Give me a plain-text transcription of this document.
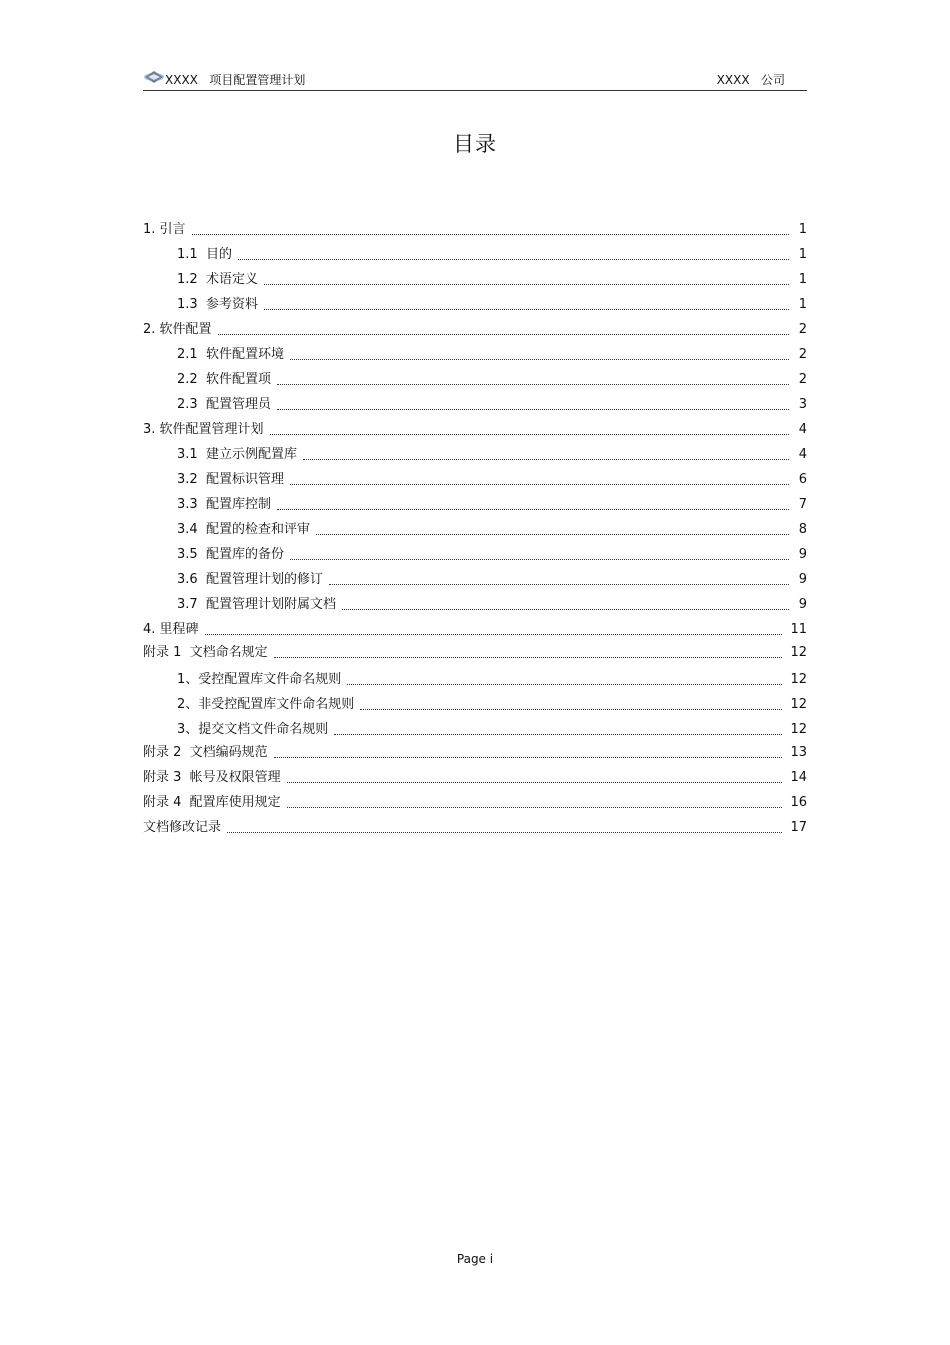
XXXX   项目配置管理计划	XXXX   公司
目录
1. 引言	1
1.1  目的	1
1.2  术语定义	1
1.3  参考资料	1
2. 软件配置	2
2.1  软件配置环境	2
2.2  软件配置项	2
2.3  配置管理员	3
3. 软件配置管理计划	4
3.1  建立示例配置库	4
3.2  配置标识管理	6
3.3  配置库控制	7
3.4  配置的检查和评审	8
3.5  配置库的备份	9
3.6  配置管理计划的修订	9
3.7  配置管理计划附属文档	9
4. 里程碑	11
附录 1  文档命名规定	12
1、受控配置库文件命名规则	12
2、非受控配置库文件命名规则	12
3、提交文档文件命名规则	12
附录 2  文档编码规范	13
附录 3  帐号及权限管理	14
附录 4  配置库使用规定	16
文档修改记录	17
Page i
